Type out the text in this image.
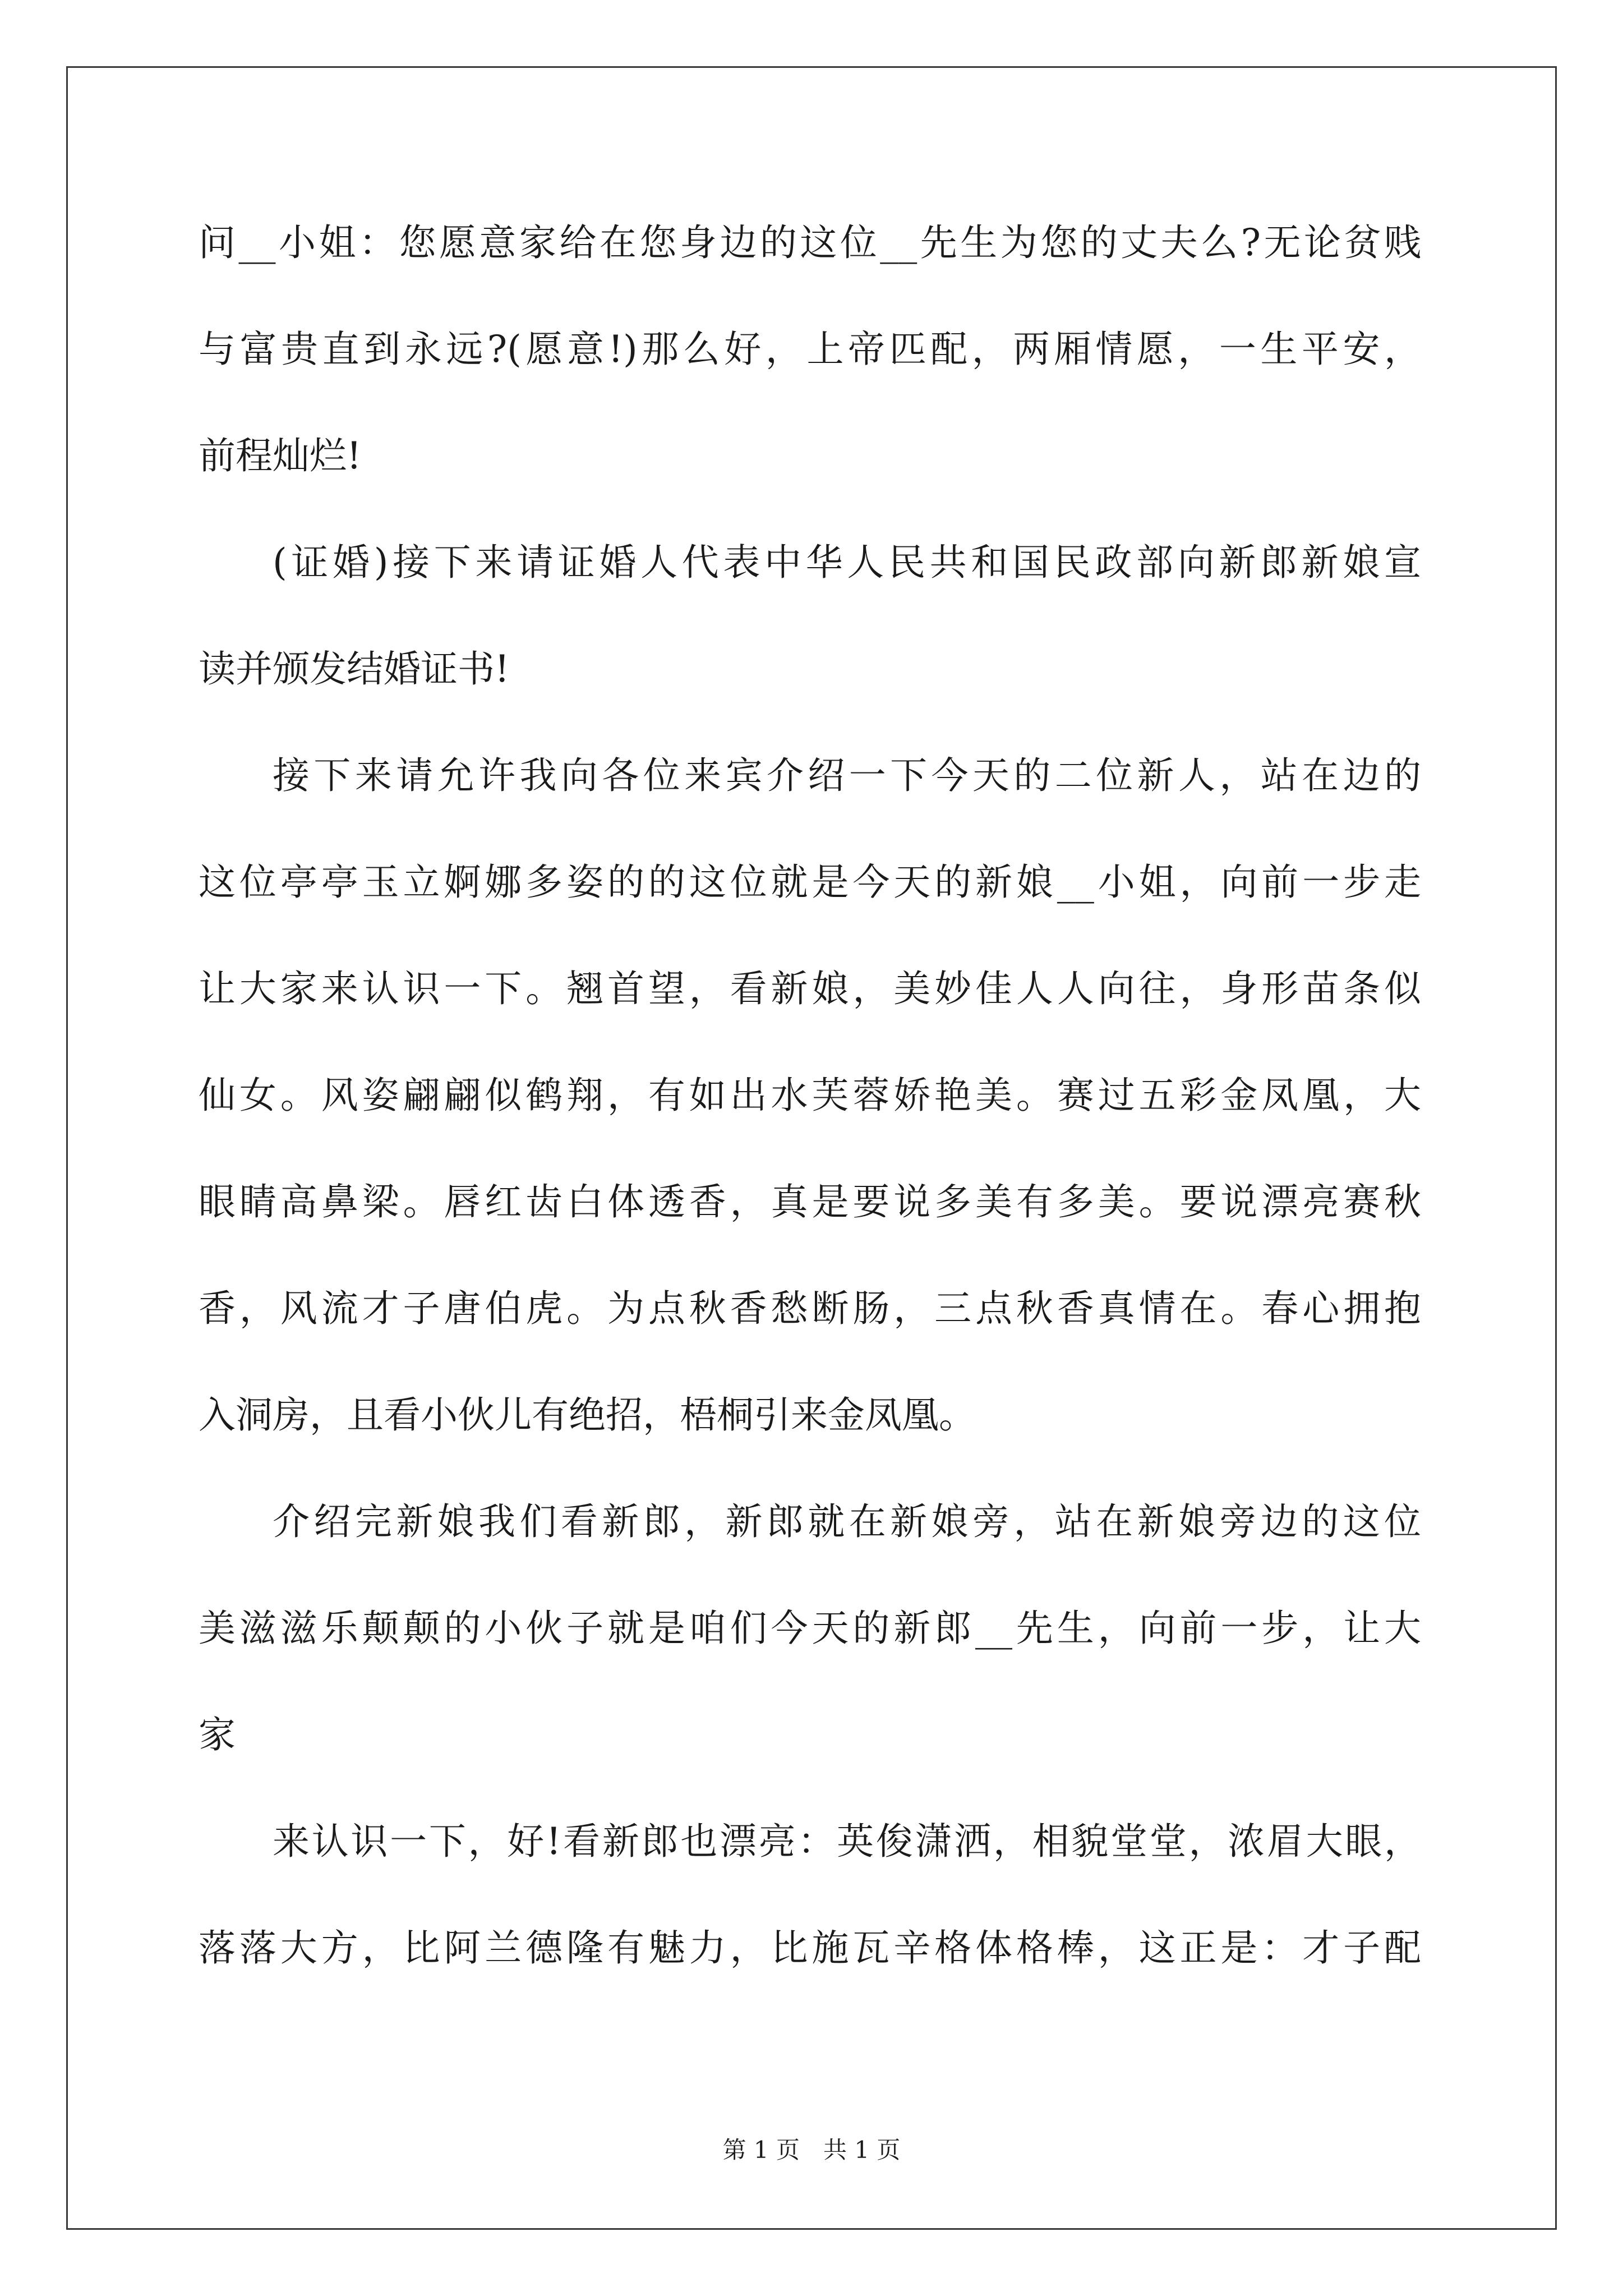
问__小姐：您愿意家给在您身边的这位__先生为您的丈夫么?无论贫贱
与富贵直到永远?(愿意!)那么好，上帝匹配，两厢情愿，一生平安，
前程灿烂!

(证婚)接下来请证婚人代表中华人民共和国民政部向新郎新娘宣
读并颁发结婚证书!

接下来请允许我向各位来宾介绍一下今天的二位新人，站在边的
这位亭亭玉立婀娜多姿的的这位就是今天的新娘__小姐，向前一步走
让大家来认识一下。翘首望，看新娘，美妙佳人人向往，身形苗条似
仙女。风姿翩翩似鹤翔，有如出水芙蓉娇艳美。赛过五彩金凤凰，大
眼睛高鼻梁。唇红齿白体透香，真是要说多美有多美。要说漂亮赛秋
香，风流才子唐伯虎。为点秋香愁断肠，三点秋香真情在。春心拥抱
入洞房，且看小伙儿有绝招，梧桐引来金凤凰。

介绍完新娘我们看新郎，新郎就在新娘旁，站在新娘旁边的这位
美滋滋乐颠颠的小伙子就是咱们今天的新郎__先生，向前一步，让大
家

来认识一下，好!看新郎也漂亮：英俊潇洒，相貌堂堂，浓眉大眼，
落落大方，比阿兰德隆有魅力，比施瓦辛格体格棒，这正是：才子配

第 1 页　共 1 页
